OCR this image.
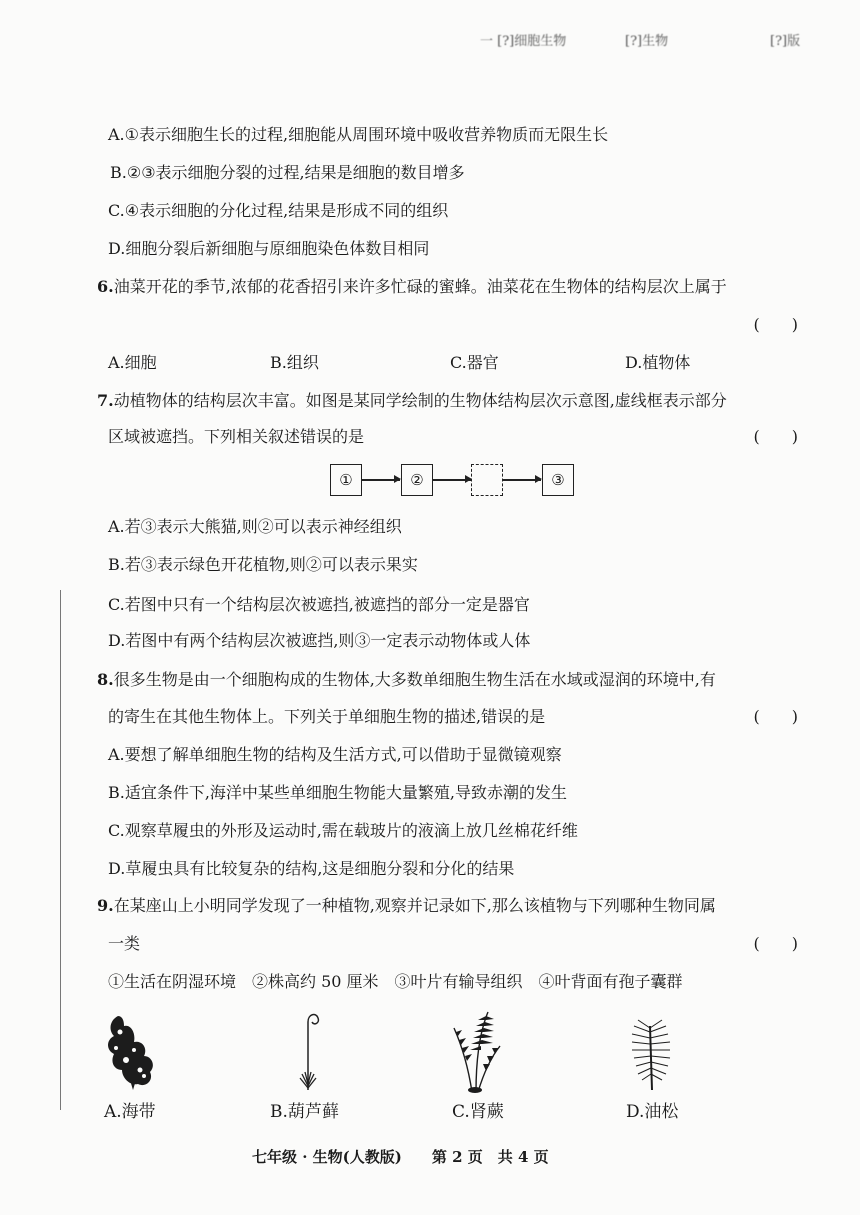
一 [?]细胞生物	[?]生物	[?]版
A.①表示细胞生长的过程,细胞能从周围环境中吸收营养物质而无限生长
B.②③表示细胞分裂的过程,结果是细胞的数目增多
C.④表示细胞的分化过程,结果是形成不同的组织
D.细胞分裂后新细胞与原细胞染色体数目相同
6.油菜开花的季节,浓郁的花香招引来许多忙碌的蜜蜂。油菜花在生物体的结构层次上属于
(　　)
A.细胞	B.组织	C.器官	D.植物体
7.动植物体的结构层次丰富。如图是某同学绘制的生物体结构层次示意图,虚线框表示部分
区域被遮挡。下列相关叙述错误的是	(　　)
①	②	③
A.若③表示大熊猫,则②可以表示神经组织
B.若③表示绿色开花植物,则②可以表示果实
C.若图中只有一个结构层次被遮挡,被遮挡的部分一定是器官
D.若图中有两个结构层次被遮挡,则③一定表示动物体或人体
8.很多生物是由一个细胞构成的生物体,大多数单细胞生物生活在水域或湿润的环境中,有
的寄生在其他生物体上。下列关于单细胞生物的描述,错误的是	(　　)
A.要想了解单细胞生物的结构及生活方式,可以借助于显微镜观察
B.适宜条件下,海洋中某些单细胞生物能大量繁殖,导致赤潮的发生
C.观察草履虫的外形及运动时,需在载玻片的液滴上放几丝棉花纤维
D.草履虫具有比较复杂的结构,这是细胞分裂和分化的结果
9.在某座山上小明同学发现了一种植物,观察并记录如下,那么该植物与下列哪种生物同属
一类	(　　)
①生活在阴湿环境　②株高约 50 厘米　③叶片有输导组织　④叶背面有孢子囊群
A.海带	B.葫芦藓	C.肾蕨	D.油松
七年级 · 生物(人教版)　　第 2 页　共 4 页
